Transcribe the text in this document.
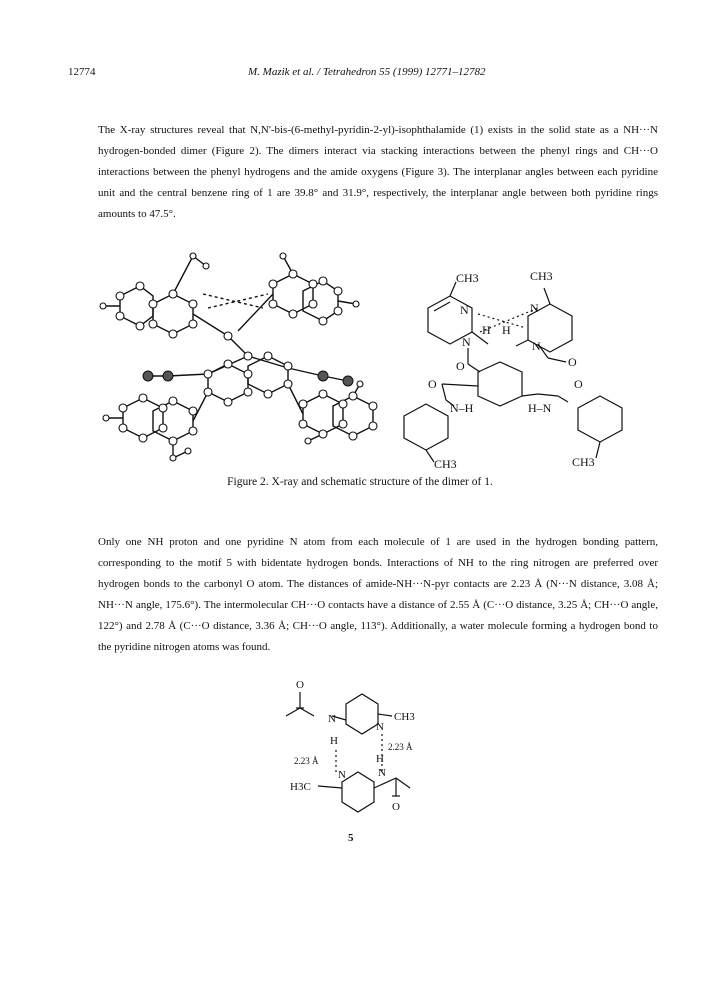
12774	M. Mazik et al. / Tetrahedron 55 (1999) 12771–12782
The X-ray structures reveal that N,N'-bis-(6-methyl-pyridin-2-yl)-isophthalamide (1) exists in the solid state as a NH···N hydrogen-bonded dimer (Figure 2). The dimers interact via stacking interactions between the phenyl rings and CH···O interactions between the phenyl hydrogens and the amide oxygens (Figure 3). The interplanar angles between each pyridine unit and the central benzene ring of 1 are 39.8° and 31.9°, respectively, the interplanar angle between both pyridine rings amounts to 47.5°.
CH3	CH3
N	N
H H
N	N
O	O
O	O
N–H	H–N
CH3	CH3
Figure 2. X-ray and schematic structure of the dimer of 1.
Only one NH proton and one pyridine N atom from each molecule of 1 are used in the hydrogen bonding pattern, corresponding to the motif 5 with bidentate hydrogen bonds. Interactions of NH to the ring nitrogen are preferred over hydrogen bonds to the carbonyl O atom. The distances of amide-NH···N-pyr contacts are 2.23 Å (N···N distance, 3.08 Å; NH···N angle, 175.6°). The intermolecular CH···O contacts have a distance of 2.55 Å (C···O distance, 3.25 Å; CH···O angle, 122°) and 2.78 Å (C···O distance, 3.36 Å; CH···O angle, 113°). Additionally, a water molecule forming a hydrogen bond to the pyridine nitrogen atoms was found.
O
N
N
CH3
H
H
2.23 Å
2.23 Å
H3C
N	N
O
5
